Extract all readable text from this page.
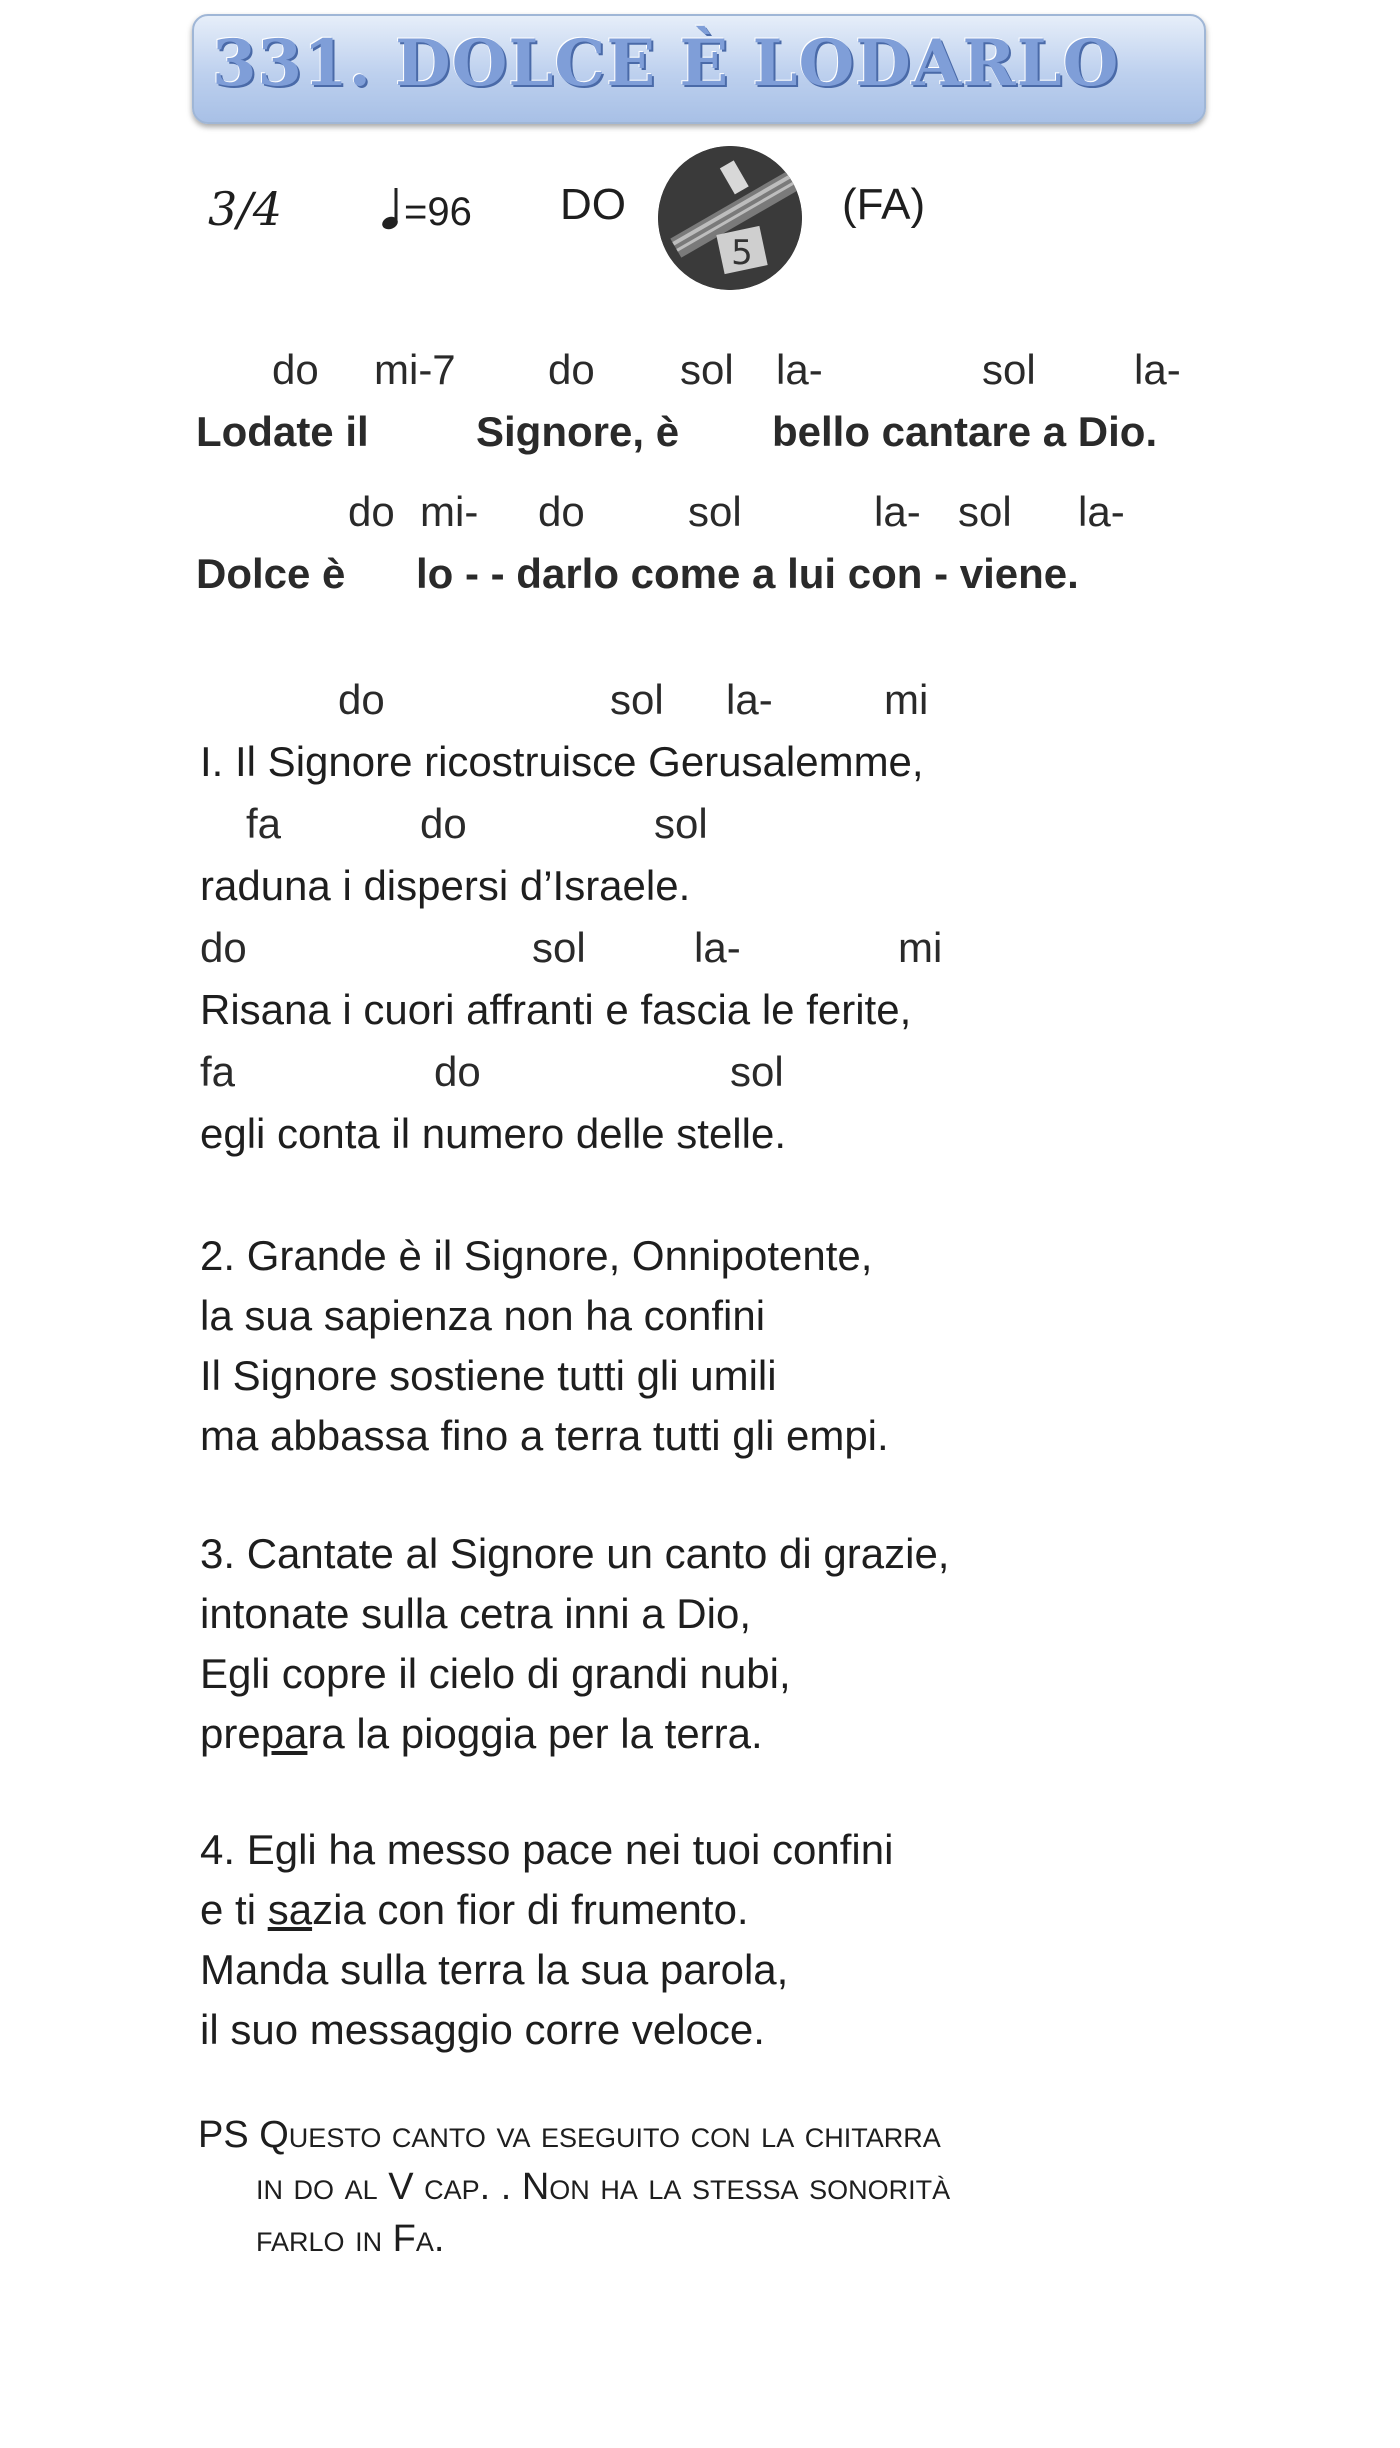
331. DOLCE È LODARLO
3/4	=96 DO
5
(FA)
do mi-7 do sol la-	sol la-
Lodate il	Signore, è bello cantare a Dio.
do mi- do sol	la- sol la-
Dolce è lo - - darlo come a lui con - viene.
do	sol la-	mi
I. Il Signore ricostruisce Gerusalemme,
fa	do	sol
raduna i dispersi d’Israele.
do	sol	la-	mi
Risana i cuori affranti e fascia le ferite,
fa	do	sol
egli conta il numero delle stelle.
2. Grande è il Signore, Onnipotente,
la sua sapienza non ha confini
Il Signore sostiene tutti gli umili
ma abbassa fino a terra tutti gli empi.
3. Cantate al Signore un canto di grazie,
intonate sulla cetra inni a Dio,
Egli copre il cielo di grandi nubi,
prepara la pioggia per la terra.
4. Egli ha messo pace nei tuoi confini
e ti sazia con fior di frumento.
Manda sulla terra la sua parola,
il suo messaggio corre veloce.
PS Questo canto va eseguito con la chitarra
in do al V cap. . Non ha la stessa sonorità
farlo in Fa.
